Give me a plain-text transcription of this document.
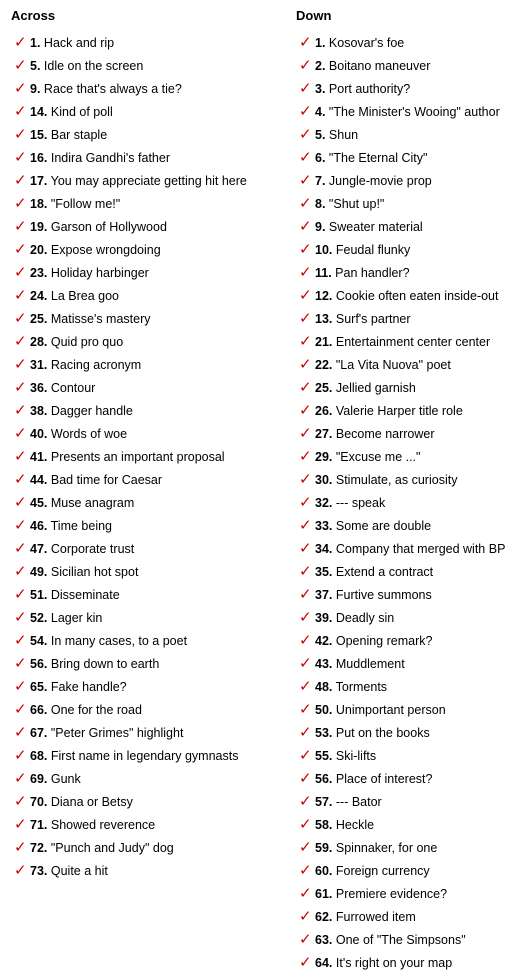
Across
✓ 1. Hack and rip
✓ 5. Idle on the screen
✓ 9. Race that's always a tie?
✓ 14. Kind of poll
✓ 15. Bar staple
✓ 16. Indira Gandhi's father
✓ 17. You may appreciate getting hit here
✓ 18. "Follow me!"
✓ 19. Garson of Hollywood
✓ 20. Expose wrongdoing
✓ 23. Holiday harbinger
✓ 24. La Brea goo
✓ 25. Matisse's mastery
✓ 28. Quid pro quo
✓ 31. Racing acronym
✓ 36. Contour
✓ 38. Dagger handle
✓ 40. Words of woe
✓ 41. Presents an important proposal
✓ 44. Bad time for Caesar
✓ 45. Muse anagram
✓ 46. Time being
✓ 47. Corporate trust
✓ 49. Sicilian hot spot
✓ 51. Disseminate
✓ 52. Lager kin
✓ 54. In many cases, to a poet
✓ 56. Bring down to earth
✓ 65. Fake handle?
✓ 66. One for the road
✓ 67. "Peter Grimes" highlight
✓ 68. First name in legendary gymnasts
✓ 69. Gunk
✓ 70. Diana or Betsy
✓ 71. Showed reverence
✓ 72. "Punch and Judy" dog
✓ 73. Quite a hit
Down
✓ 1. Kosovar's foe
✓ 2. Boitano maneuver
✓ 3. Port authority?
✓ 4. "The Minister's Wooing" author
✓ 5. Shun
✓ 6. "The Eternal City"
✓ 7. Jungle-movie prop
✓ 8. "Shut up!"
✓ 9. Sweater material
✓ 10. Feudal flunky
✓ 11. Pan handler?
✓ 12. Cookie often eaten inside-out
✓ 13. Surf's partner
✓ 21. Entertainment center center
✓ 22. "La Vita Nuova" poet
✓ 25. Jellied garnish
✓ 26. Valerie Harper title role
✓ 27. Become narrower
✓ 29. "Excuse me ..."
✓ 30. Stimulate, as curiosity
✓ 32. --- speak
✓ 33. Some are double
✓ 34. Company that merged with BP
✓ 35. Extend a contract
✓ 37. Furtive summons
✓ 39. Deadly sin
✓ 42. Opening remark?
✓ 43. Muddlement
✓ 48. Torments
✓ 50. Unimportant person
✓ 53. Put on the books
✓ 55. Ski-lifts
✓ 56. Place of interest?
✓ 57. --- Bator
✓ 58. Heckle
✓ 59. Spinnaker, for one
✓ 60. Foreign currency
✓ 61. Premiere evidence?
✓ 62. Furrowed item
✓ 63. One of "The Simpsons"
✓ 64. It's right on your map
